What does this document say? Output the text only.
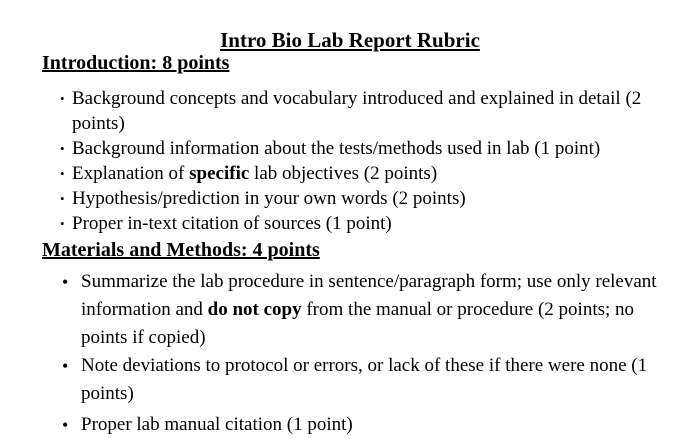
Intro Bio Lab Report Rubric
Introduction: 8 points
• Background concepts and vocabulary introduced and explained in detail (2 points)
• Background information about the tests/methods used in lab (1 point)
• Explanation of specific lab objectives (2 points)
• Hypothesis/prediction in your own words (2 points)
• Proper in-text citation of sources (1 point)
Materials and Methods: 4 points
• Summarize the lab procedure in sentence/paragraph form; use only relevant information and do not copy from the manual or procedure (2 points; no points if copied)
• Note deviations to protocol or errors, or lack of these if there were none (1 points)
• Proper lab manual citation (1 point)
